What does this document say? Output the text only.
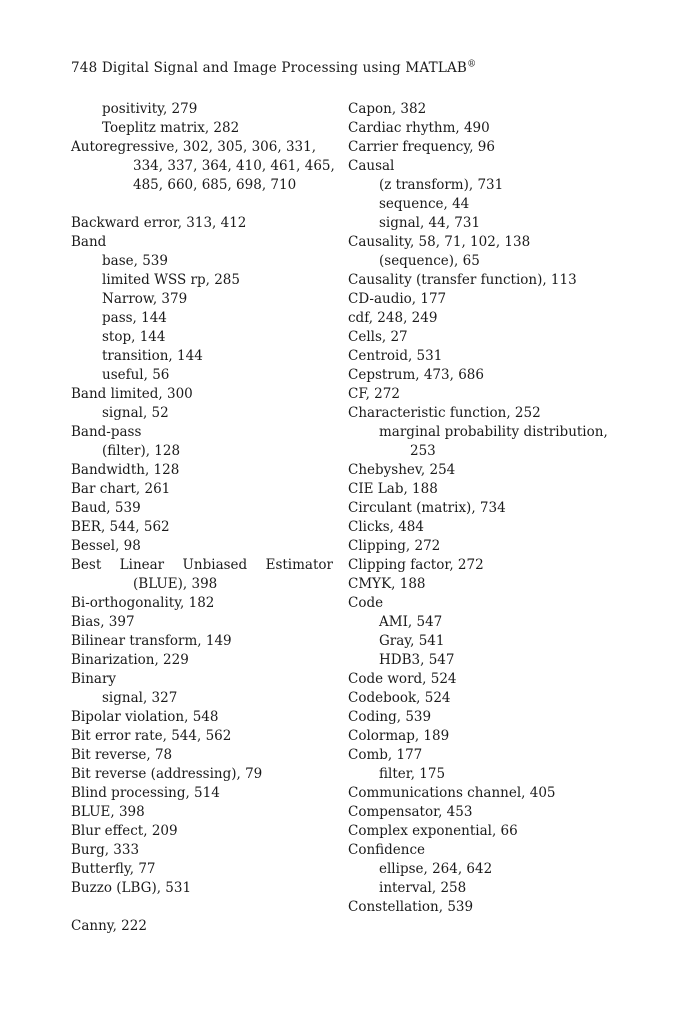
748 Digital Signal and Image Processing using MATLAB®
positivity, 279
Toeplitz matrix, 282
Autoregressive, 302, 305, 306, 331,
334, 337, 364, 410, 461, 465,
485, 660, 685, 698, 710
Backward error, 313, 412
Band
base, 539
limited WSS rp, 285
Narrow, 379
pass, 144
stop, 144
transition, 144
useful, 56
Band limited, 300
signal, 52
Band-pass
(filter), 128
Bandwidth, 128
Bar chart, 261
Baud, 539
BER, 544, 562
Bessel, 98
Best Linear Unbiased Estimator
(BLUE), 398
Bi-orthogonality, 182
Bias, 397
Bilinear transform, 149
Binarization, 229
Binary
signal, 327
Bipolar violation, 548
Bit error rate, 544, 562
Bit reverse, 78
Bit reverse (addressing), 79
Blind processing, 514
BLUE, 398
Blur effect, 209
Burg, 333
Butterfly, 77
Buzzo (LBG), 531
Canny, 222
Capon, 382
Cardiac rhythm, 490
Carrier frequency, 96
Causal
(z transform), 731
sequence, 44
signal, 44, 731
Causality, 58, 71, 102, 138
(sequence), 65
Causality (transfer function), 113
CD-audio, 177
cdf, 248, 249
Cells, 27
Centroid, 531
Cepstrum, 473, 686
CF, 272
Characteristic function, 252
marginal probability distribution,
253
Chebyshev, 254
CIE Lab, 188
Circulant (matrix), 734
Clicks, 484
Clipping, 272
Clipping factor, 272
CMYK, 188
Code
AMI, 547
Gray, 541
HDB3, 547
Code word, 524
Codebook, 524
Coding, 539
Colormap, 189
Comb, 177
filter, 175
Communications channel, 405
Compensator, 453
Complex exponential, 66
Confidence
ellipse, 264, 642
interval, 258
Constellation, 539
